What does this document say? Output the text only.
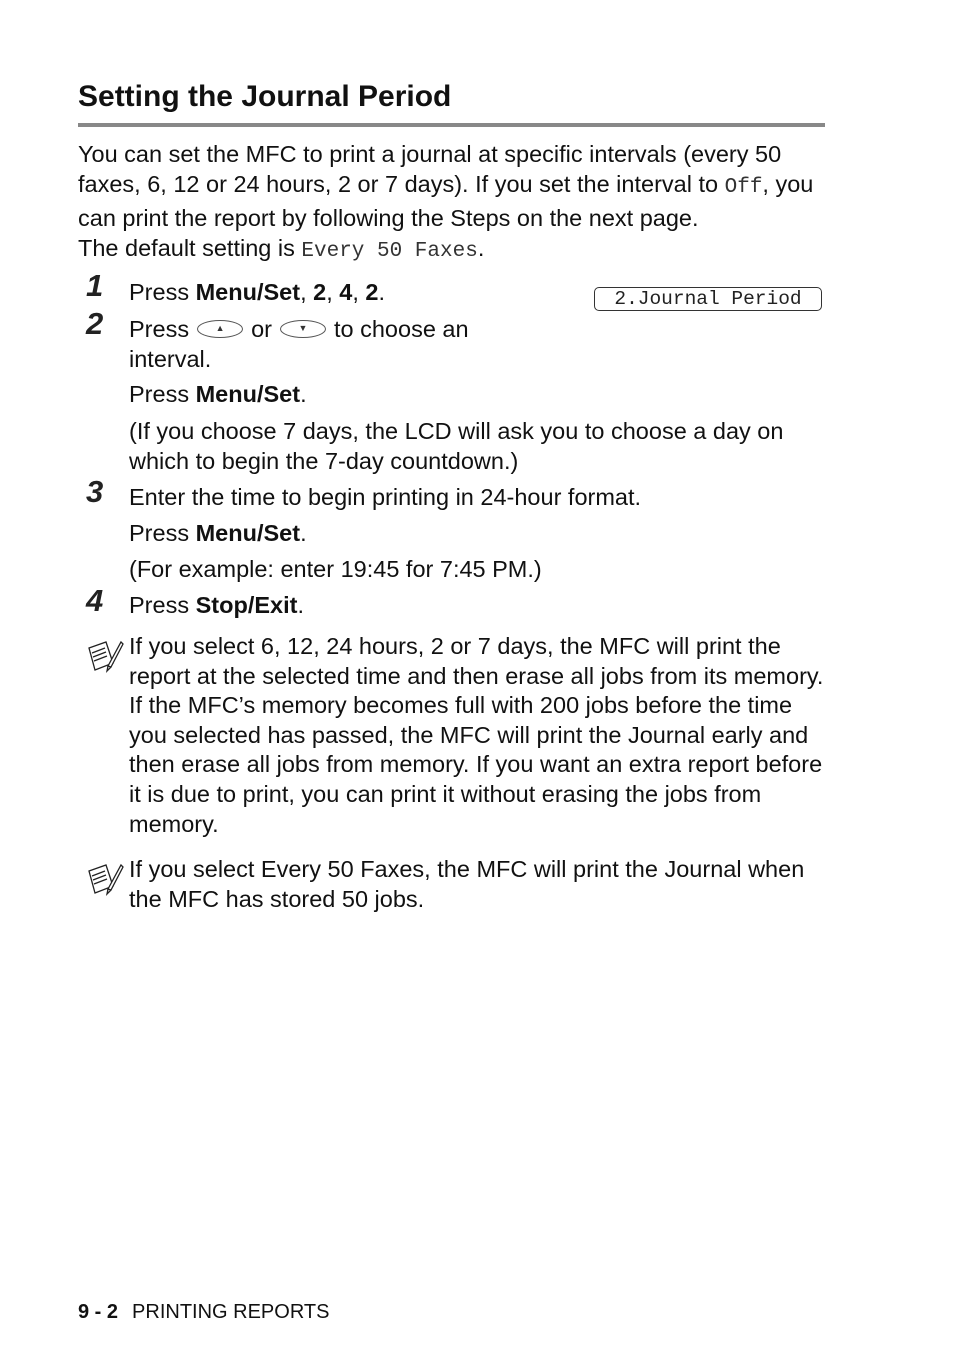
Setting the Journal Period
You can set the MFC to print a journal at specific intervals (every 50 faxes, 6, 12 or 24 hours, 2 or 7 days). If you set the interval to Off, you can print the report by following the Steps on the next page.
The default setting is Every 50 Faxes.
2.Journal Period
1 Press Menu/Set, 2, 4, 2.
2 Press	▲	or	▼	to choose an
interval.
Press Menu/Set.
(If you choose 7 days, the LCD will ask you to choose a day on which to begin the 7-day countdown.)
3 Enter the time to begin printing in 24-hour format.
Press Menu/Set.
(For example: enter 19:45 for 7:45 PM.)
4 Press Stop/Exit.
If you select 6, 12, 24 hours, 2 or 7 days, the MFC will print the report at the selected time and then erase all jobs from its memory. If the MFC’s memory becomes full with 200 jobs before the time you selected has passed, the MFC will print the Journal early and then erase all jobs from memory. If you want an extra report before it is due to print, you can print it without erasing the jobs from memory.
If you select Every 50 Faxes, the MFC will print the Journal when the MFC has stored 50 jobs.
9 - 2 PRINTING REPORTS
